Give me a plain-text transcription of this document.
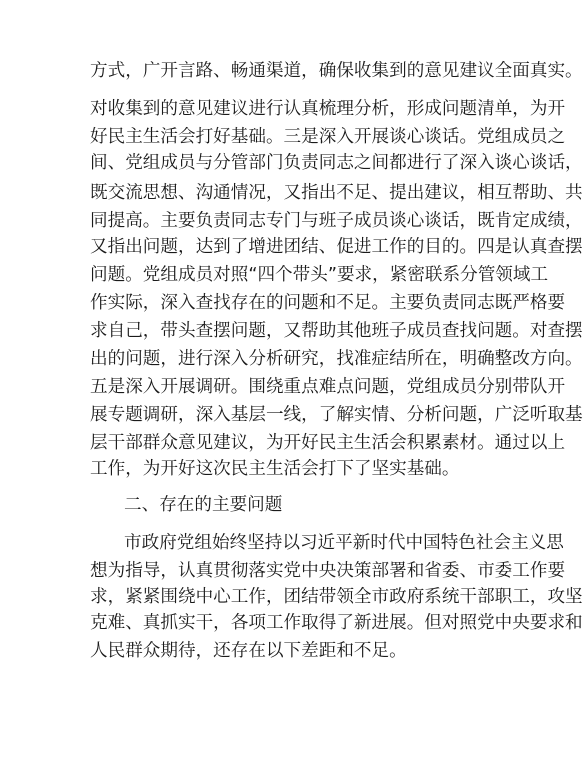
方式，广开言路、畅通渠道，确保收集到的意见建议全面真实。
对收集到的意见建议进行认真梳理分析，形成问题清单，为开
好民主生活会打好基础。三是深入开展谈心谈话。党组成员之
间、党组成员与分管部门负责同志之间都进行了深入谈心谈话，
既交流思想、沟通情况，又指出不足、提出建议，相互帮助、共
同提高。主要负责同志专门与班子成员谈心谈话，既肯定成绩，
又指出问题，达到了增进团结、促进工作的目的。四是认真查摆
问题。党组成员对照“四个带头”要求，紧密联系分管领域工
作实际，深入查找存在的问题和不足。主要负责同志既严格要
求自己，带头查摆问题，又帮助其他班子成员查找问题。对查摆
出的问题，进行深入分析研究，找准症结所在，明确整改方向。
五是深入开展调研。围绕重点难点问题，党组成员分别带队开
展专题调研，深入基层一线，了解实情、分析问题，广泛听取基
层干部群众意见建议，为开好民主生活会积累素材。通过以上
工作，为开好这次民主生活会打下了坚实基础。
二、存在的主要问题
市政府党组始终坚持以习近平新时代中国特色社会主义思
想为指导，认真贯彻落实党中央决策部署和省委、市委工作要
求，紧紧围绕中心工作，团结带领全市政府系统干部职工，攻坚
克难、真抓实干，各项工作取得了新进展。但对照党中央要求和
人民群众期待，还存在以下差距和不足。
